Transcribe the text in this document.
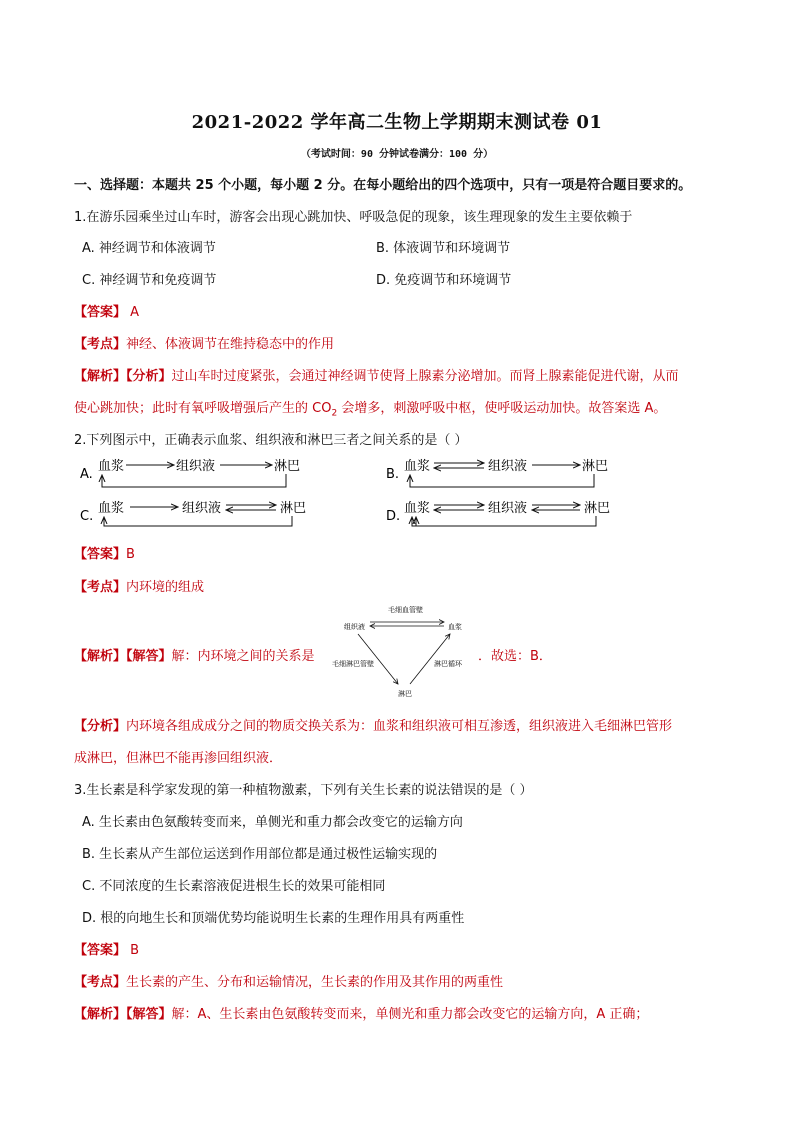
2021-2022 学年高二生物上学期期末测试卷 01
（考试时间：90 分钟试卷满分：100 分）
一、选择题：本题共 25 个小题，每小题 2 分。在每小题给出的四个选项中，只有一项是符合题目要求的。
1.在游乐园乘坐过山车时，游客会出现心跳加快、呼吸急促的现象，该生理现象的发生主要依赖于
A. 神经调节和体液调节	B. 体液调节和环境调节
C. 神经调节和免疫调节	D. 免疫调节和环境调节
【答案】 A
【考点】神经、体液调节在维持稳态中的作用
【解析】【分析】过山车时过度紧张，会通过神经调节使肾上腺素分泌增加。而肾上腺素能促进代谢，从而
使心跳加快；此时有氧呼吸增强后产生的 $CO_2$ 会增多，刺激呼吸中枢，使呼吸运动加快。故答案选 A。
2.下列图示中，正确表示血浆、组织液和淋巴三者之间关系的是（ ）
A.
血浆	组织液	淋巴
B.
血浆	组织液	淋巴
C.
血浆	组织液	淋巴
D.
血浆	组织液	淋巴
【答案】B
【考点】内环境的组成
【解析】【解答】解：内环境之间的关系是	．故选：B．
毛细血管壁
组织液	血浆
毛细淋巴管壁	淋巴循环
淋巴
【分析】内环境各组成成分之间的物质交换关系为：血浆和组织液可相互渗透，组织液进入毛细淋巴管形
成淋巴，但淋巴不能再渗回组织液．
3.生长素是科学家发现的第一种植物激素，下列有关生长素的说法错误的是（ ）
A. 生长素由色氨酸转变而来，单侧光和重力都会改变它的运输方向
B. 生长素从产生部位运送到作用部位都是通过极性运输实现的
C. 不同浓度的生长素溶液促进根生长的效果可能相同
D. 根的向地生长和顶端优势均能说明生长素的生理作用具有两重性
【答案】 B
【考点】生长素的产生、分布和运输情况，生长素的作用及其作用的两重性
【解析】【解答】解：A、生长素由色氨酸转变而来，单侧光和重力都会改变它的运输方向，A 正确；
